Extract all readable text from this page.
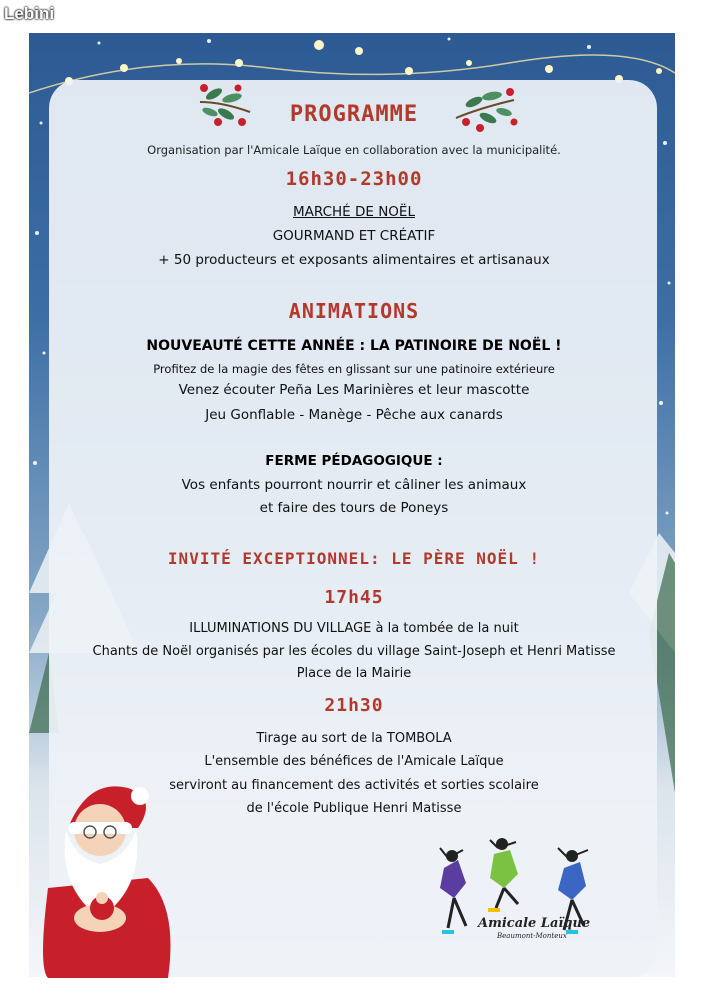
Lebini
PROGRAMME
Organisation par l'Amicale Laïque en collaboration avec la municipalité.
16h30-23h00
MARCHÉ DE NOËL
GOURMAND ET CRÉATIF
+ 50 producteurs et exposants alimentaires et artisanaux
ANIMATIONS
NOUVEAUTÉ CETTE ANNÉE : LA PATINOIRE DE NOËL !
Profitez de la magie des fêtes en glissant sur une patinoire extérieure
Venez écouter Peña Les Marinières et leur mascotte
Jeu Gonflable - Manège - Pêche aux canards
FERME PÉDAGOGIQUE :
Vos enfants pourront nourrir et câliner les animaux
et faire des tours de Poneys
INVITÉ EXCEPTIONNEL: LE PÈRE NOËL !
17h45
ILLUMINATIONS DU VILLAGE à la tombée de la nuit
Chants de Noël organisés par les écoles du village Saint-Joseph et Henri Matisse
Place de la Mairie
21h30
Tirage au sort de la TOMBOLA
L'ensemble des bénéfices de l'Amicale Laïque
serviront au financement des activités et sorties scolaire
de l'école Publique Henri Matisse
Amicale Laïque
Beaumont-Monteux
